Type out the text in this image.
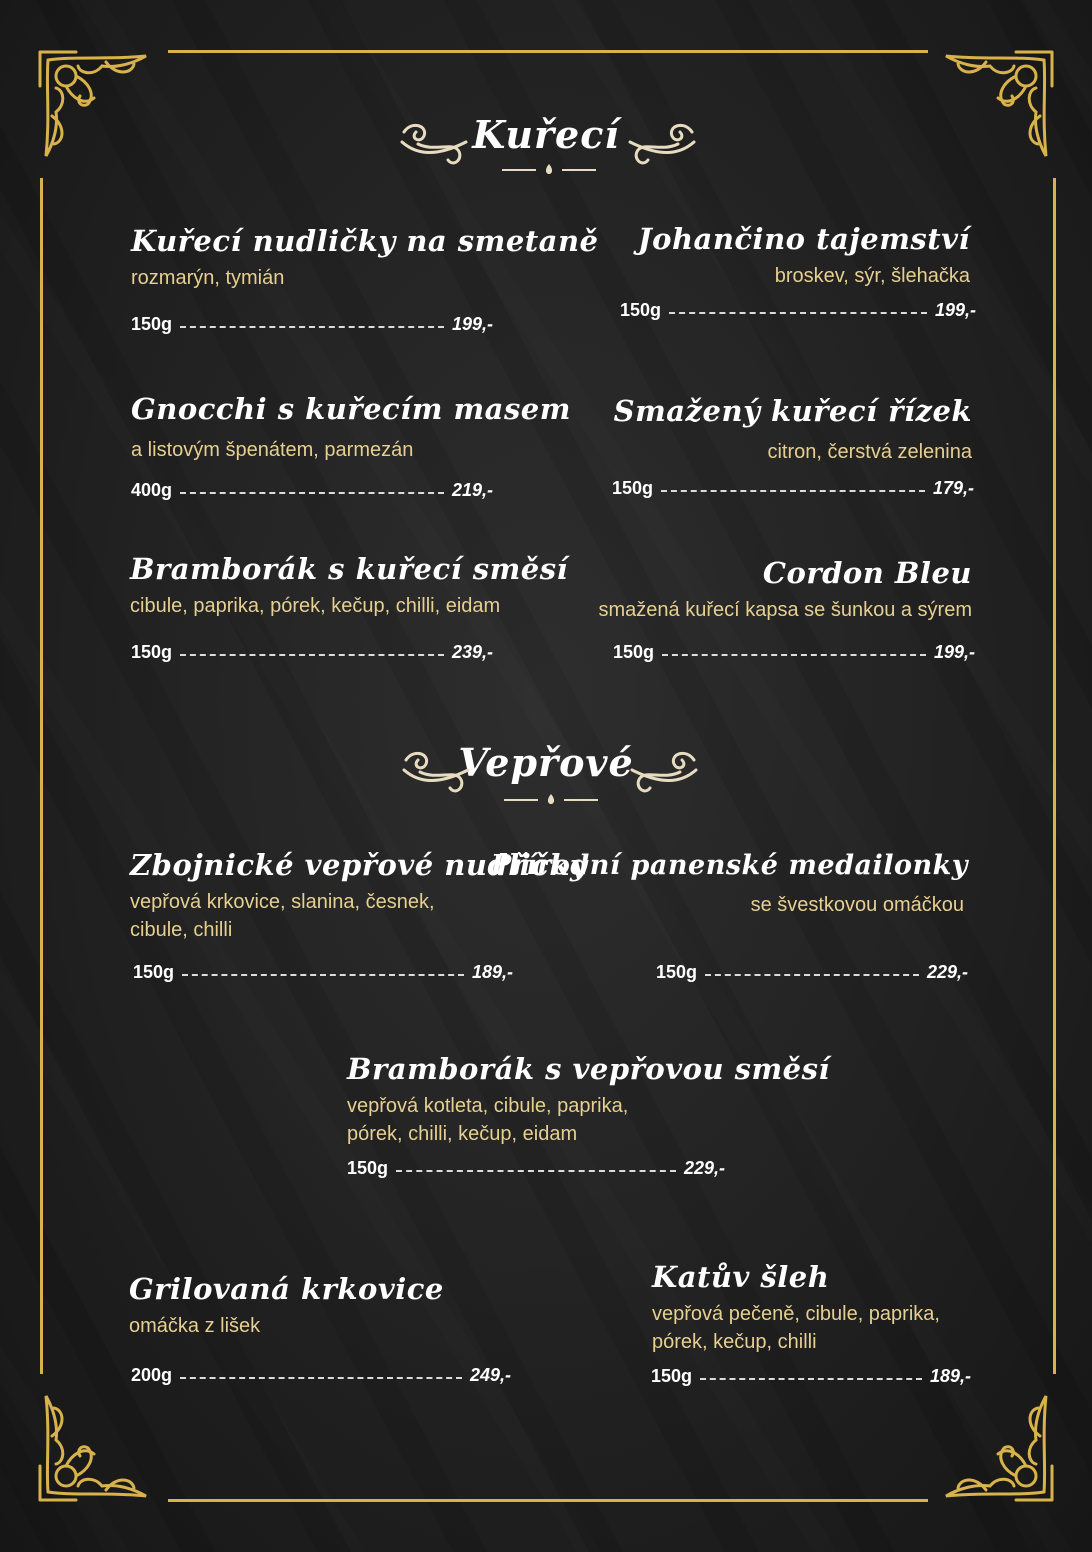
Kuřecí
Vepřové
Kuřecí nudličky na smetaně
rozmarýn, tymián
150g	199,-
Johančino tajemství
broskev, sýr, šlehačka
150g	199,-
Gnocchi s kuřecím masem
a listovým špenátem, parmezán
400g	219,-
Smažený kuřecí řízek
citron, čerstvá zelenina
150g	179,-
Bramborák s kuřecí směsí
cibule, paprika, pórek, kečup, chilli, eidam
150g	239,-
Cordon Bleu
smažená kuřecí kapsa se šunkou a sýrem
150g	199,-
Zbojnické vepřové nudličky
vepřová krkovice, slanina, česnek,
cibule, chilli
150g	189,-
Přírodní panenské medailonky
se švestkovou omáčkou
150g	229,-
Bramborák s vepřovou směsí
vepřová kotleta, cibule, paprika,
pórek, chilli, kečup, eidam
150g	229,-
Grilovaná krkovice
omáčka z lišek
200g	249,-
Katův šleh
vepřová pečeně, cibule, paprika,
pórek, kečup, chilli
150g	189,-
